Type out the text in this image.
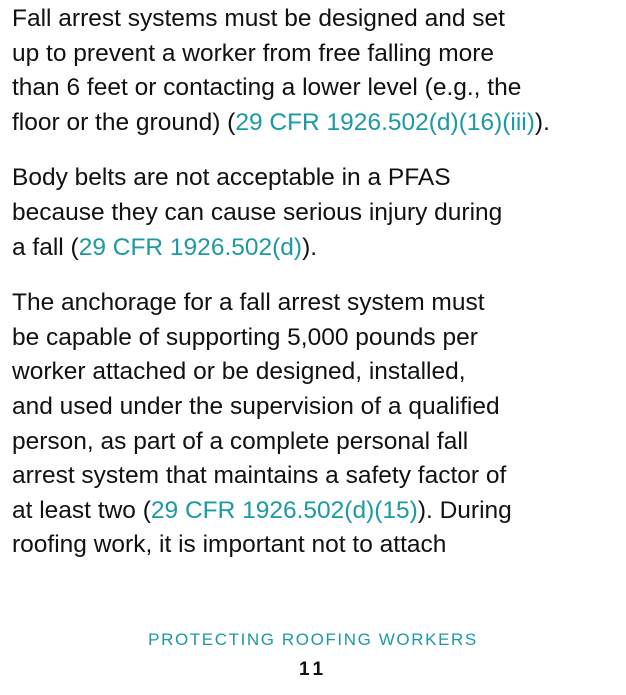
Fall arrest systems must be designed and set
up to prevent a worker from free falling more
than 6 feet or contacting a lower level (e.g., the
floor or the ground) (29 CFR 1926.502(d)(16)(iii)).

Body belts are not acceptable in a PFAS
because they can cause serious injury during
a fall (29 CFR 1926.502(d)).

The anchorage for a fall arrest system must
be capable of supporting 5,000 pounds per
worker attached or be designed, installed,
and used under the supervision of a qualified
person, as part of a complete personal fall
arrest system that maintains a safety factor of
at least two (29 CFR 1926.502(d)(15)). During
roofing work, it is important not to attach

PROTECTING ROOFING WORKERS
11
